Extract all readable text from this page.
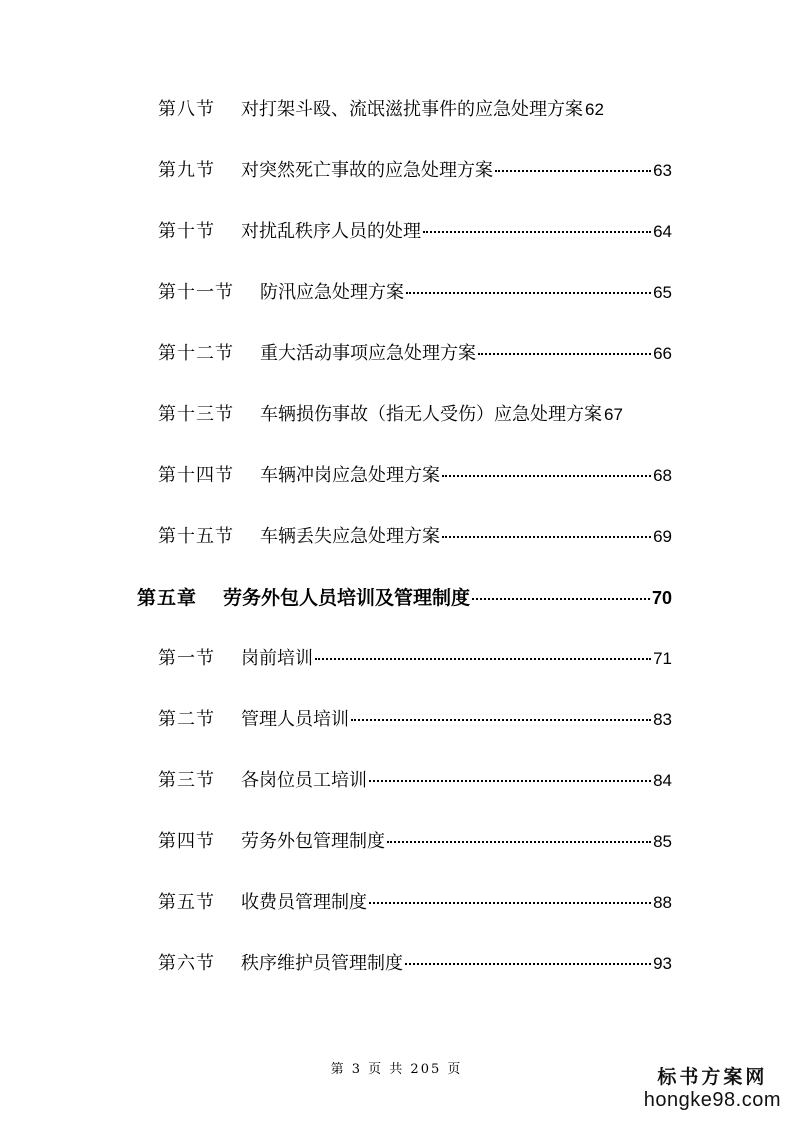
第八节 对打架斗殴、流氓滋扰事件的应急处理方案 62
第九节 对突然死亡事故的应急处理方案	63
第十节 对扰乱秩序人员的处理	64
第十一节 防汛应急处理方案	65
第十二节 重大活动事项应急处理方案	66
第十三节 车辆损伤事故（指无人受伤）应急处理方案 67
第十四节 车辆冲岗应急处理方案	68
第十五节 车辆丢失应急处理方案	69
第五章 劳务外包人员培训及管理制度	70
第一节 岗前培训	71
第二节 管理人员培训	83
第三节 各岗位员工培训	84
第四节 劳务外包管理制度	85
第五节 收费员管理制度	88
第六节 秩序维护员管理制度	93
第 3 页 共 205 页	标书方案网
hongke98.com
